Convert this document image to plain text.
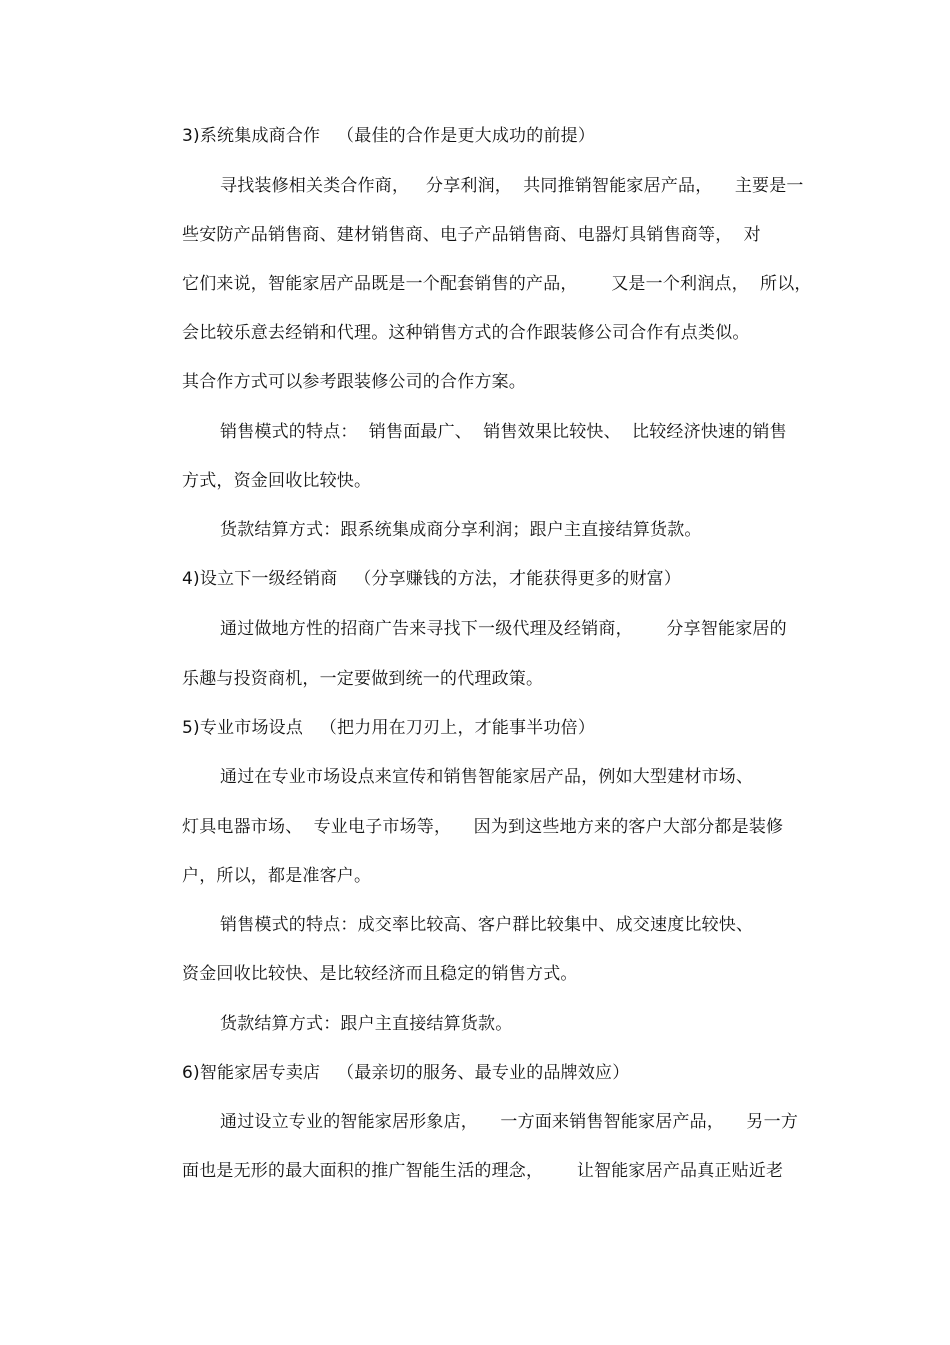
3)系统集成商合作   （最佳的合作是更大成功的前提）
寻找装修相关类合作商，   分享利润，  共同推销智能家居产品，    主要是一
些安防产品销售商、建材销售商、电子产品销售商、电器灯具销售商等，  对
它们来说，智能家居产品既是一个配套销售的产品，      又是一个利润点，  所以，
会比较乐意去经销和代理。这种销售方式的合作跟装修公司合作有点类似。
其合作方式可以参考跟装修公司的合作方案。
销售模式的特点：  销售面最广、  销售效果比较快、  比较经济快速的销售
方式，资金回收比较快。
货款结算方式：跟系统集成商分享利润；跟户主直接结算货款。
4)设立下一级经销商   （分享赚钱的方法，才能获得更多的财富）
通过做地方性的招商广告来寻找下一级代理及经销商，      分享智能家居的
乐趣与投资商机，一定要做到统一的代理政策。
5)专业市场设点   （把力用在刀刃上，才能事半功倍）
通过在专业市场设点来宣传和销售智能家居产品，例如大型建材市场、
灯具电器市场、  专业电子市场等，    因为到这些地方来的客户大部分都是装修
户，所以，都是准客户。
销售模式的特点：成交率比较高、客户群比较集中、成交速度比较快、
资金回收比较快、是比较经济而且稳定的销售方式。
货款结算方式：跟户主直接结算货款。
6)智能家居专卖店   （最亲切的服务、最专业的品牌效应）
通过设立专业的智能家居形象店，    一方面来销售智能家居产品，    另一方
面也是无形的最大面积的推广智能生活的理念，      让智能家居产品真正贴近老
